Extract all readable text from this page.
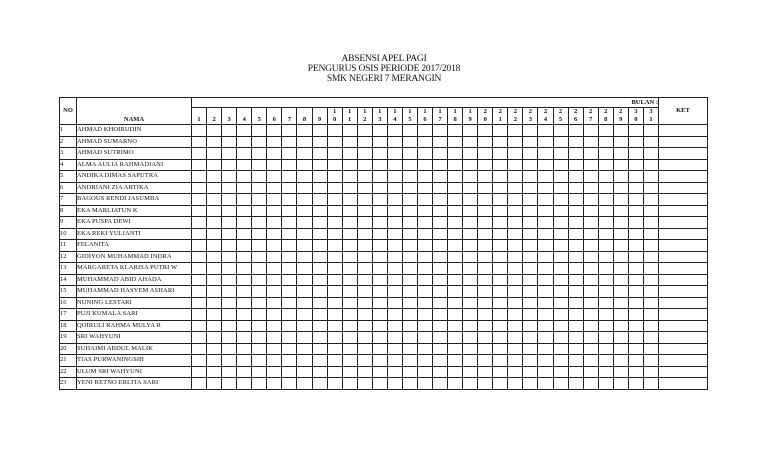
ABSENSI APEL PAGI
PENGURUS OSIS PERIODE 2017/2018
SMK NEGERI 7 MERANGIN
NO	NAMA	BULAN :																															KET
		1	2	3	4	5	6	7	8	9	10	11	12	13	14	15	16	17	18	19	20	21	22	23	24	25	26	27	28	29	30	31	
1	AHMAD KHOIRUDIN																																
2	AHMAD SUMARNO																																
3	AHMAD SUTRIMO																																
4	ALMA AULIA RAHMADIANI																																
5	ANDIKA DIMAS SAPUTRA																																
6	ANDRIANI ZIA ARTIKA																																
7	BAGOUS RENDI JASUMBA																																
8	EKA MARLIATUN K																																
9	EKA PUSPA DEWI																																
10	EKA REKI YULIANTI																																
11	FELANITA																																
12	GIDIYON MUHAMMAD INDRA																																
13	MARGARETA KLARISA PUTRI W																																
14	MUHAMMAD ABID AHADA																																
15	MUHAMMAD HASYEM ASHARI																																
16	NUNING LESTARI																																
17	PUJI KUMALA SARI																																
18	QOIRULI RAHMA MULYA R																																
19	SRI WAHYUNI																																
20	SUHAIMI ABDUL MALIK																																
21	TIAS PURWANINGSIH																																
22	ULUM SRI WAHYUNI																																
23	YENI RETNO ERLITA SARI																																
